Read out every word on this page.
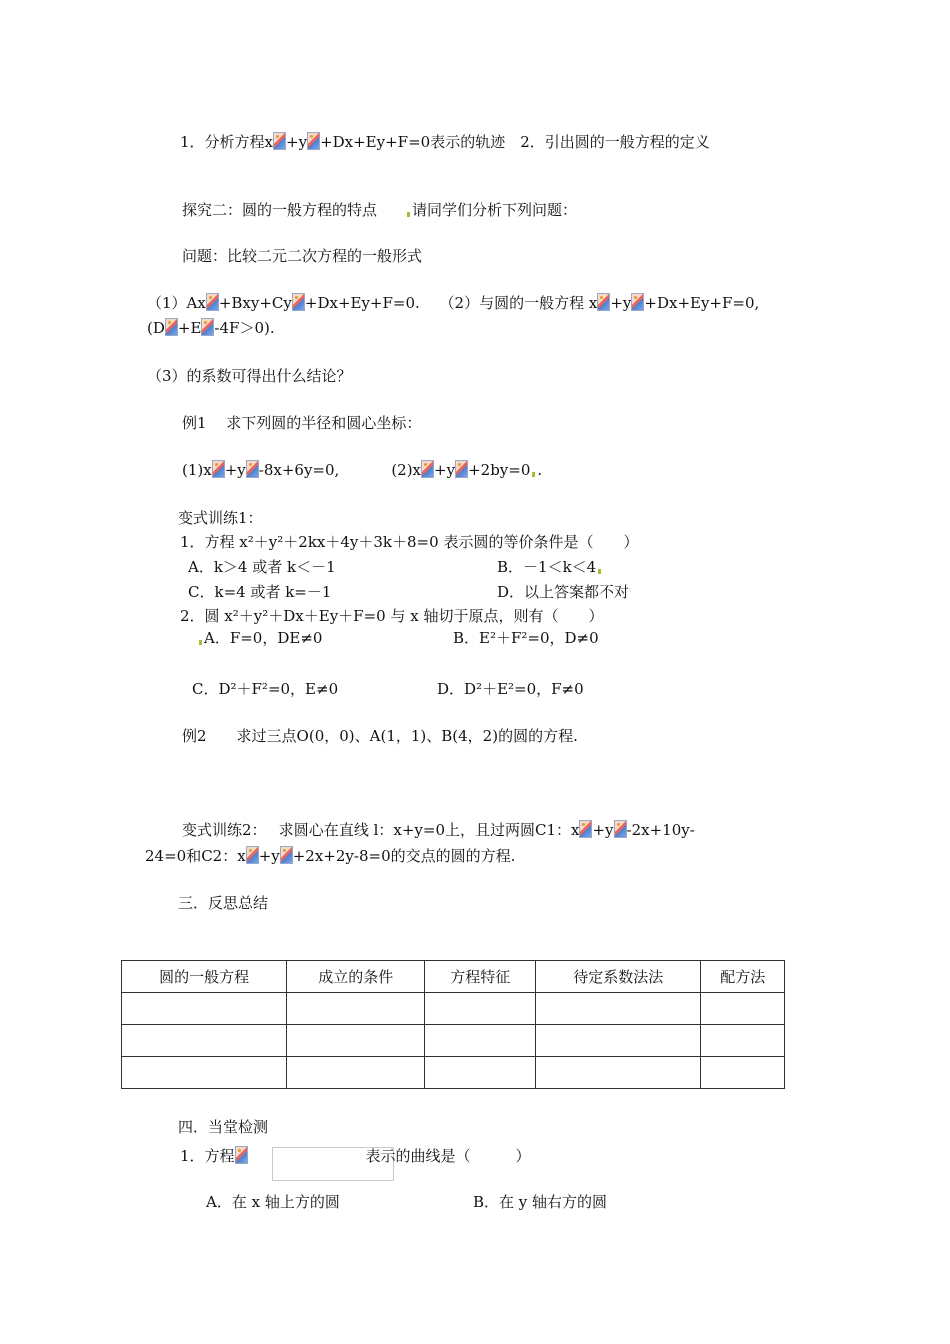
1．分析方程x +y +Dx+Ey+F=0表示的轨迹　2．引出圆的一般方程的定义
探究二：圆的一般方程的特点 请同学们分析下列问题：
问题：比较二元二次方程的一般形式
（1）Ax +Bxy+Cy +Dx+Ey+F=0.　 （2）与圆的一般方程 x +y +Dx+Ey+F=0,
(D +E -4F＞0).
（3）的系数可得出什么结论？
例1　 求下列圆的半径和圆心坐标：
(1)x +y -8x+6y=0,	(2)x +y +2by=0 .
变式训练1：
1．方程 x²＋y²＋2kx＋4y＋3k＋8=0 表示圆的等价条件是（　　）
A．k＞4 或者 k＜－1	B．－1＜k＜4
C．k=4 或者 k=－1	D．以上答案都不对
2．圆 x²＋y²＋Dx＋Ey＋F=0 与 x 轴切于原点，则有（　　）
A．F=0，DE≠0	B．E²＋F²=0，D≠0
C．D²＋F²=0，E≠0	D．D²＋E²=0，F≠0
例2　　求过三点O(0，0)、A(1，1)、B(4，2)的圆的方程.
变式训练2：　 求圆心在直线 l：x+y=0上，且过两圆C1：x +y -2x+10y-
24=0和C2：x +y +2x+2y-8=0的交点的圆的方程.
三．反思总结
圆的一般方程	成立的条件	方程特征	待定系数法法	配方法

四．当堂检测
1．方程	表示的曲线是（　　　）
A．在 x 轴上方的圆	B．在 y 轴右方的圆
